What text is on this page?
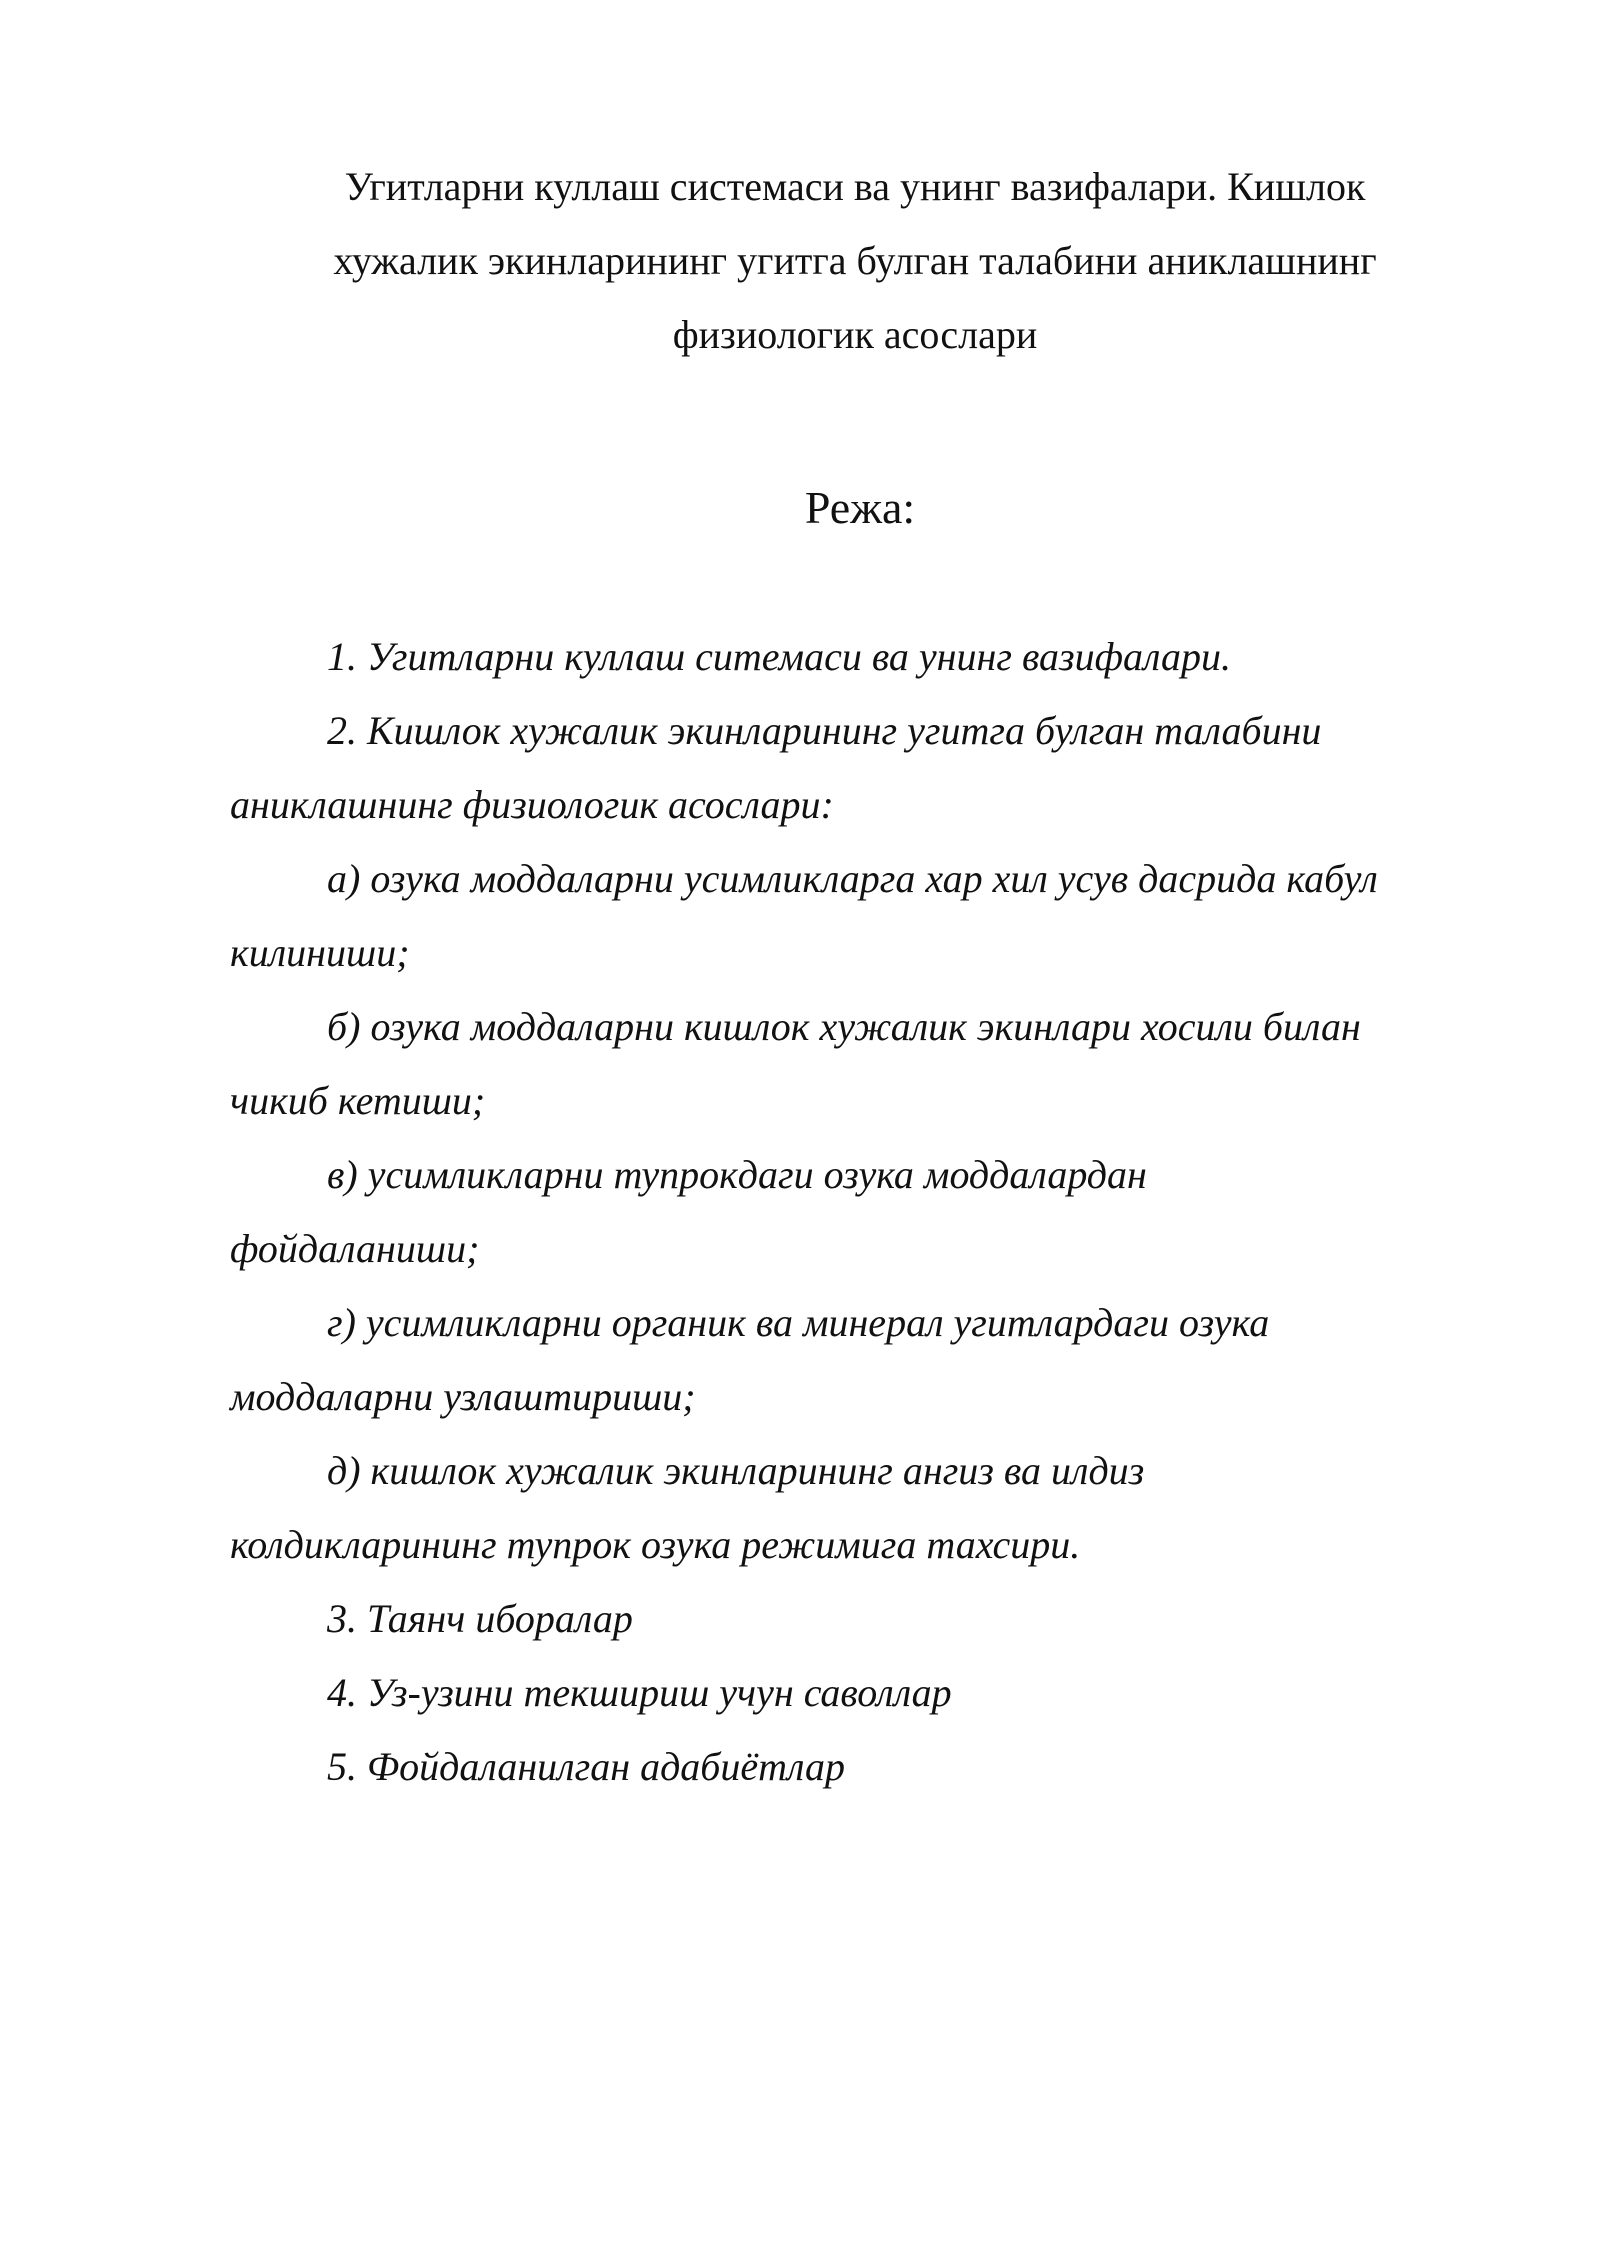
Угитларни куллаш системаси ва унинг вазифалари. Кишлок
хужалик экинларининг угитга булган талабини аниклашнинг
физиологик асослари
Режа:
1. Угитларни куллаш ситемаси ва унинг вазифалари.
2. Кишлок хужалик экинларининг угитга булган талабини
аниклашнинг физиологик асослари:
а) озука моддаларни усимликларга хар хил усув дасрида кабул
килиниши;
б) озука моддаларни кишлок хужалик экинлари хосили билан
чикиб кетиши;
в) усимликларни тупрокдаги озука моддалардан
фойдаланиши;
г) усимликларни органик ва минерал угитлардаги озука
моддаларни узлаштириши;
д) кишлок хужалик экинларининг ангиз ва илдиз
колдикларининг тупрок озука режимига тахсири.
3. Таянч иборалар
4. Уз-узини текшириш учун саволлар
5. Фойдаланилган адабиётлар
